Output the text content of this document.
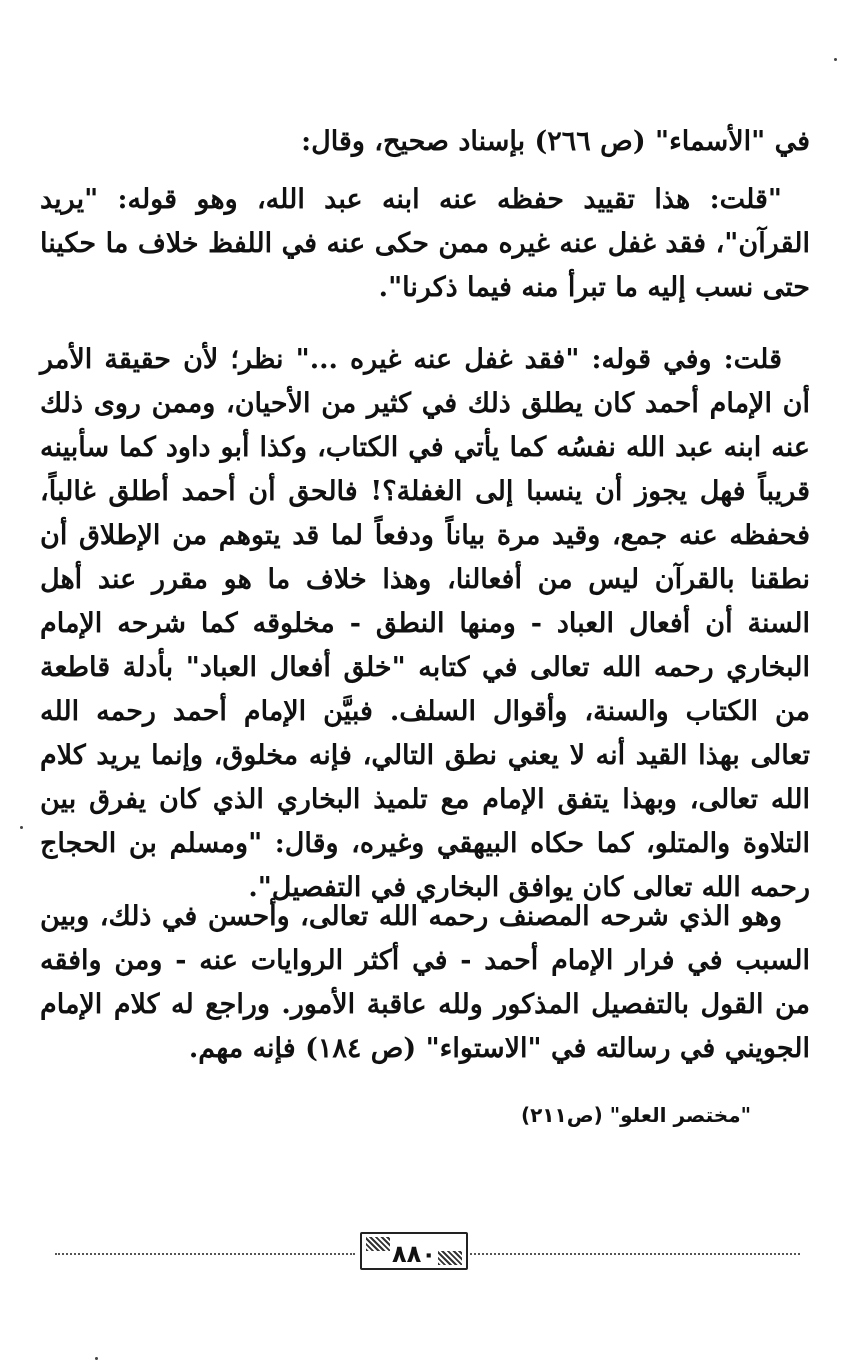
في "الأسماء" (ص ٢٦٦) بإسناد صحيح، وقال:

"قلت: هذا تقييد حفظه عنه ابنه عبد الله، وهو قوله: "يريد القرآن"، فقد غفل عنه غيره ممن حكى عنه في اللفظ خلاف ما حكينا حتى نسب إليه ما تبرأ منه فيما ذكرنا".

قلت: وفي قوله: "فقد غفل عنه غيره ..." نظر؛ لأن حقيقة الأمر أن الإمام أحمد كان يطلق ذلك في كثير من الأحيان، وممن روى ذلك عنه ابنه عبد الله نفسُه كما يأتي في الكتاب، وكذا أبو داود كما سأبينه قريباً فهل يجوز أن ينسبا إلى الغفلة؟! فالحق أن أحمد أطلق غالباً، فحفظه عنه جمع، وقيد مرة بياناً ودفعاً لما قد يتوهم من الإطلاق أن نطقنا بالقرآن ليس من أفعالنا، وهذا خلاف ما هو مقرر عند أهل السنة أن أفعال العباد - ومنها النطق - مخلوقه كما شرحه الإمام البخاري رحمه الله تعالى في كتابه "خلق أفعال العباد" بأدلة قاطعة من الكتاب والسنة، وأقوال السلف. فبيَّن الإمام أحمد رحمه الله تعالى بهذا القيد أنه لا يعني نطق التالي، فإنه مخلوق، وإنما يريد كلام الله تعالى، وبهذا يتفق الإمام مع تلميذ البخاري الذي كان يفرق بين التلاوة والمتلو، كما حكاه البيهقي وغيره، وقال: "ومسلم بن الحجاج رحمه الله تعالى كان يوافق البخاري في التفصيل".

وهو الذي شرحه المصنف رحمه الله تعالى، وأحسن في ذلك، وبين السبب في فرار الإمام أحمد - في أكثر الروايات عنه - ومن وافقه من القول بالتفصيل المذكور ولله عاقبة الأمور. وراجع له كلام الإمام الجويني في رسالته في "الاستواء" (ص ١٨٤) فإنه مهم.

"مختصر العلو" (ص٢١١)
٨٨٠
